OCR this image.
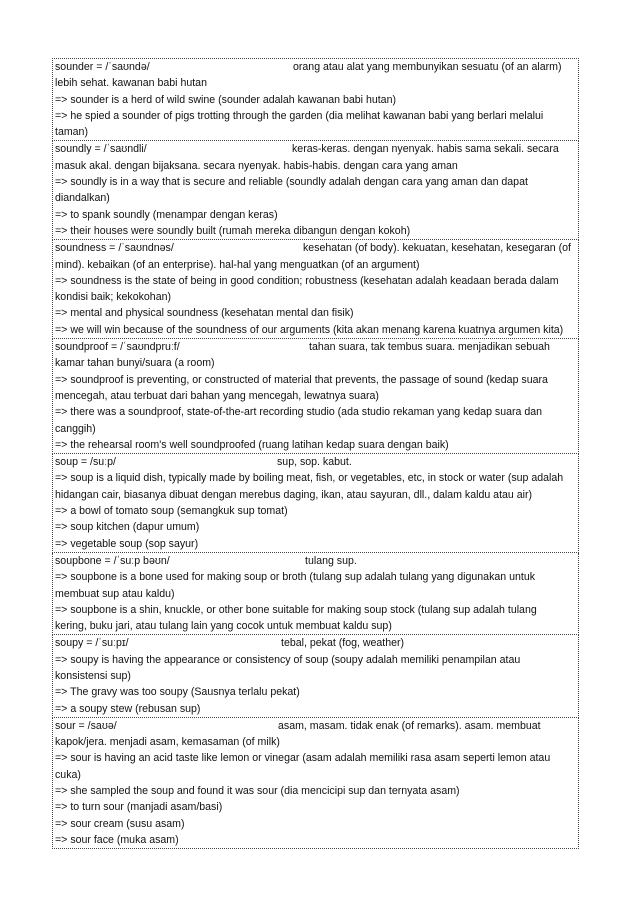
sounder = /ˈsaʊndə/	orang atau alat yang membunyikan sesuatu (of an alarm)
lebih sehat. kawanan babi hutan
=> sounder is a herd of wild swine (sounder adalah kawanan babi hutan)
=> he spied a sounder of pigs trotting through the garden (dia melihat kawanan babi yang berlari melalui
taman)
soundly = /ˈsaʊndli/	keras-keras. dengan nyenyak. habis sama sekali. secara
masuk akal. dengan bijaksana. secara nyenyak. habis-habis. dengan cara yang aman
=> soundly is in a way that is secure and reliable (soundly adalah dengan cara yang aman dan dapat
diandalkan)
=> to spank soundly (menampar dengan keras)
=> their houses were soundly built (rumah mereka dibangun dengan kokoh)
soundness = /ˈsaʊndnəs/	kesehatan (of body). kekuatan, kesehatan, kesegaran (of
mind). kebaikan (of an enterprise). hal-hal yang menguatkan (of an argument)
=> soundness is the state of being in good condition; robustness (kesehatan adalah keadaan berada dalam
kondisi baik; kekokohan)
=> mental and physical soundness (kesehatan mental dan fisik)
=> we will win because of the soundness of our arguments (kita akan menang karena kuatnya argumen kita)
soundproof = /ˈsaʊndpruːf/	tahan suara, tak tembus suara. menjadikan sebuah
kamar tahan bunyi/suara (a room)
=> soundproof is preventing, or constructed of material that prevents, the passage of sound (kedap suara
mencegah, atau terbuat dari bahan yang mencegah, lewatnya suara)
=> there was a soundproof, state-of-the-art recording studio (ada studio rekaman yang kedap suara dan
canggih)
=> the rehearsal room's well soundproofed (ruang latihan kedap suara dengan baik)
soup = /suːp/	sup, sop. kabut.
=> soup is a liquid dish, typically made by boiling meat, fish, or vegetables, etc, in stock or water (sup adalah
hidangan cair, biasanya dibuat dengan merebus daging, ikan, atau sayuran, dll., dalam kaldu atau air)
=> a bowl of tomato soup (semangkuk sup tomat)
=> soup kitchen (dapur umum)
=> vegetable soup (sop sayur)
soupbone = /ˈsuːp bəʊn/	tulang sup.
=> soupbone is a bone used for making soup or broth (tulang sup adalah tulang yang digunakan untuk
membuat sup atau kaldu)
=> soupbone is a shin, knuckle, or other bone suitable for making soup stock (tulang sup adalah tulang
kering, buku jari, atau tulang lain yang cocok untuk membuat kaldu sup)
soupy = /ˈsuːpɪ/	tebal, pekat (fog, weather)
=> soupy is having the appearance or consistency of soup (soupy adalah memiliki penampilan atau
konsistensi sup)
=> The gravy was too soupy (Sausnya terlalu pekat)
=> a soupy stew (rebusan sup)
sour = /saʊə/	asam, masam. tidak enak (of remarks). asam. membuat
kapok/jera. menjadi asam, kemasaman (of milk)
=> sour is having an acid taste like lemon or vinegar (asam adalah memiliki rasa asam seperti lemon atau
cuka)
=> she sampled the soup and found it was sour (dia mencicipi sup dan ternyata asam)
=> to turn sour (manjadi asam/basi)
=> sour cream (susu asam)
=> sour face (muka asam)
